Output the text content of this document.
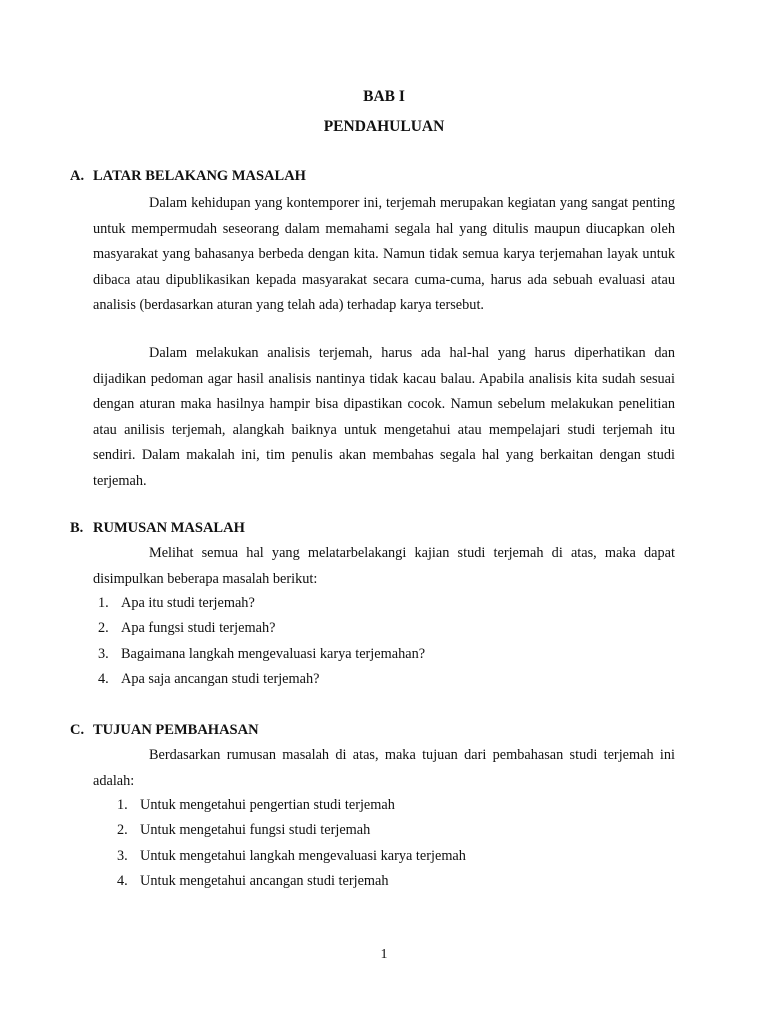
BAB I
PENDAHULUAN
A. LATAR BELAKANG MASALAH

Dalam kehidupan yang kontemporer ini, terjemah merupakan kegiatan yang sangat penting untuk mempermudah seseorang dalam memahami segala hal yang ditulis maupun diucapkan oleh masyarakat yang bahasanya berbeda dengan kita. Namun tidak semua karya terjemahan layak untuk dibaca atau dipublikasikan kepada masyarakat secara cuma-cuma, harus ada sebuah evaluasi atau analisis (berdasarkan aturan yang telah ada) terhadap karya tersebut.

Dalam melakukan analisis terjemah, harus ada hal-hal yang harus diperhatikan dan dijadikan pedoman agar hasil analisis nantinya tidak kacau balau. Apabila analisis kita sudah sesuai dengan aturan maka hasilnya hampir bisa dipastikan cocok. Namun sebelum melakukan penelitian atau anilisis terjemah, alangkah baiknya untuk mengetahui atau mempelajari studi terjemah itu sendiri. Dalam makalah ini, tim penulis akan membahas segala hal yang berkaitan dengan studi terjemah.

B. RUMUSAN MASALAH

Melihat semua hal yang melatarbelakangi kajian studi terjemah di atas, maka dapat disimpulkan beberapa masalah berikut:

1. Apa itu studi terjemah?
2. Apa fungsi studi terjemah?
3. Bagaimana langkah mengevaluasi karya terjemahan?
4. Apa saja ancangan studi terjemah?
C. TUJUAN PEMBAHASAN

Berdasarkan rumusan masalah di atas, maka tujuan dari pembahasan studi terjemah ini adalah:

1. Untuk mengetahui pengertian studi terjemah
2. Untuk mengetahui fungsi studi terjemah
3. Untuk mengetahui langkah mengevaluasi karya terjemah
4. Untuk mengetahui ancangan studi terjemah
1
